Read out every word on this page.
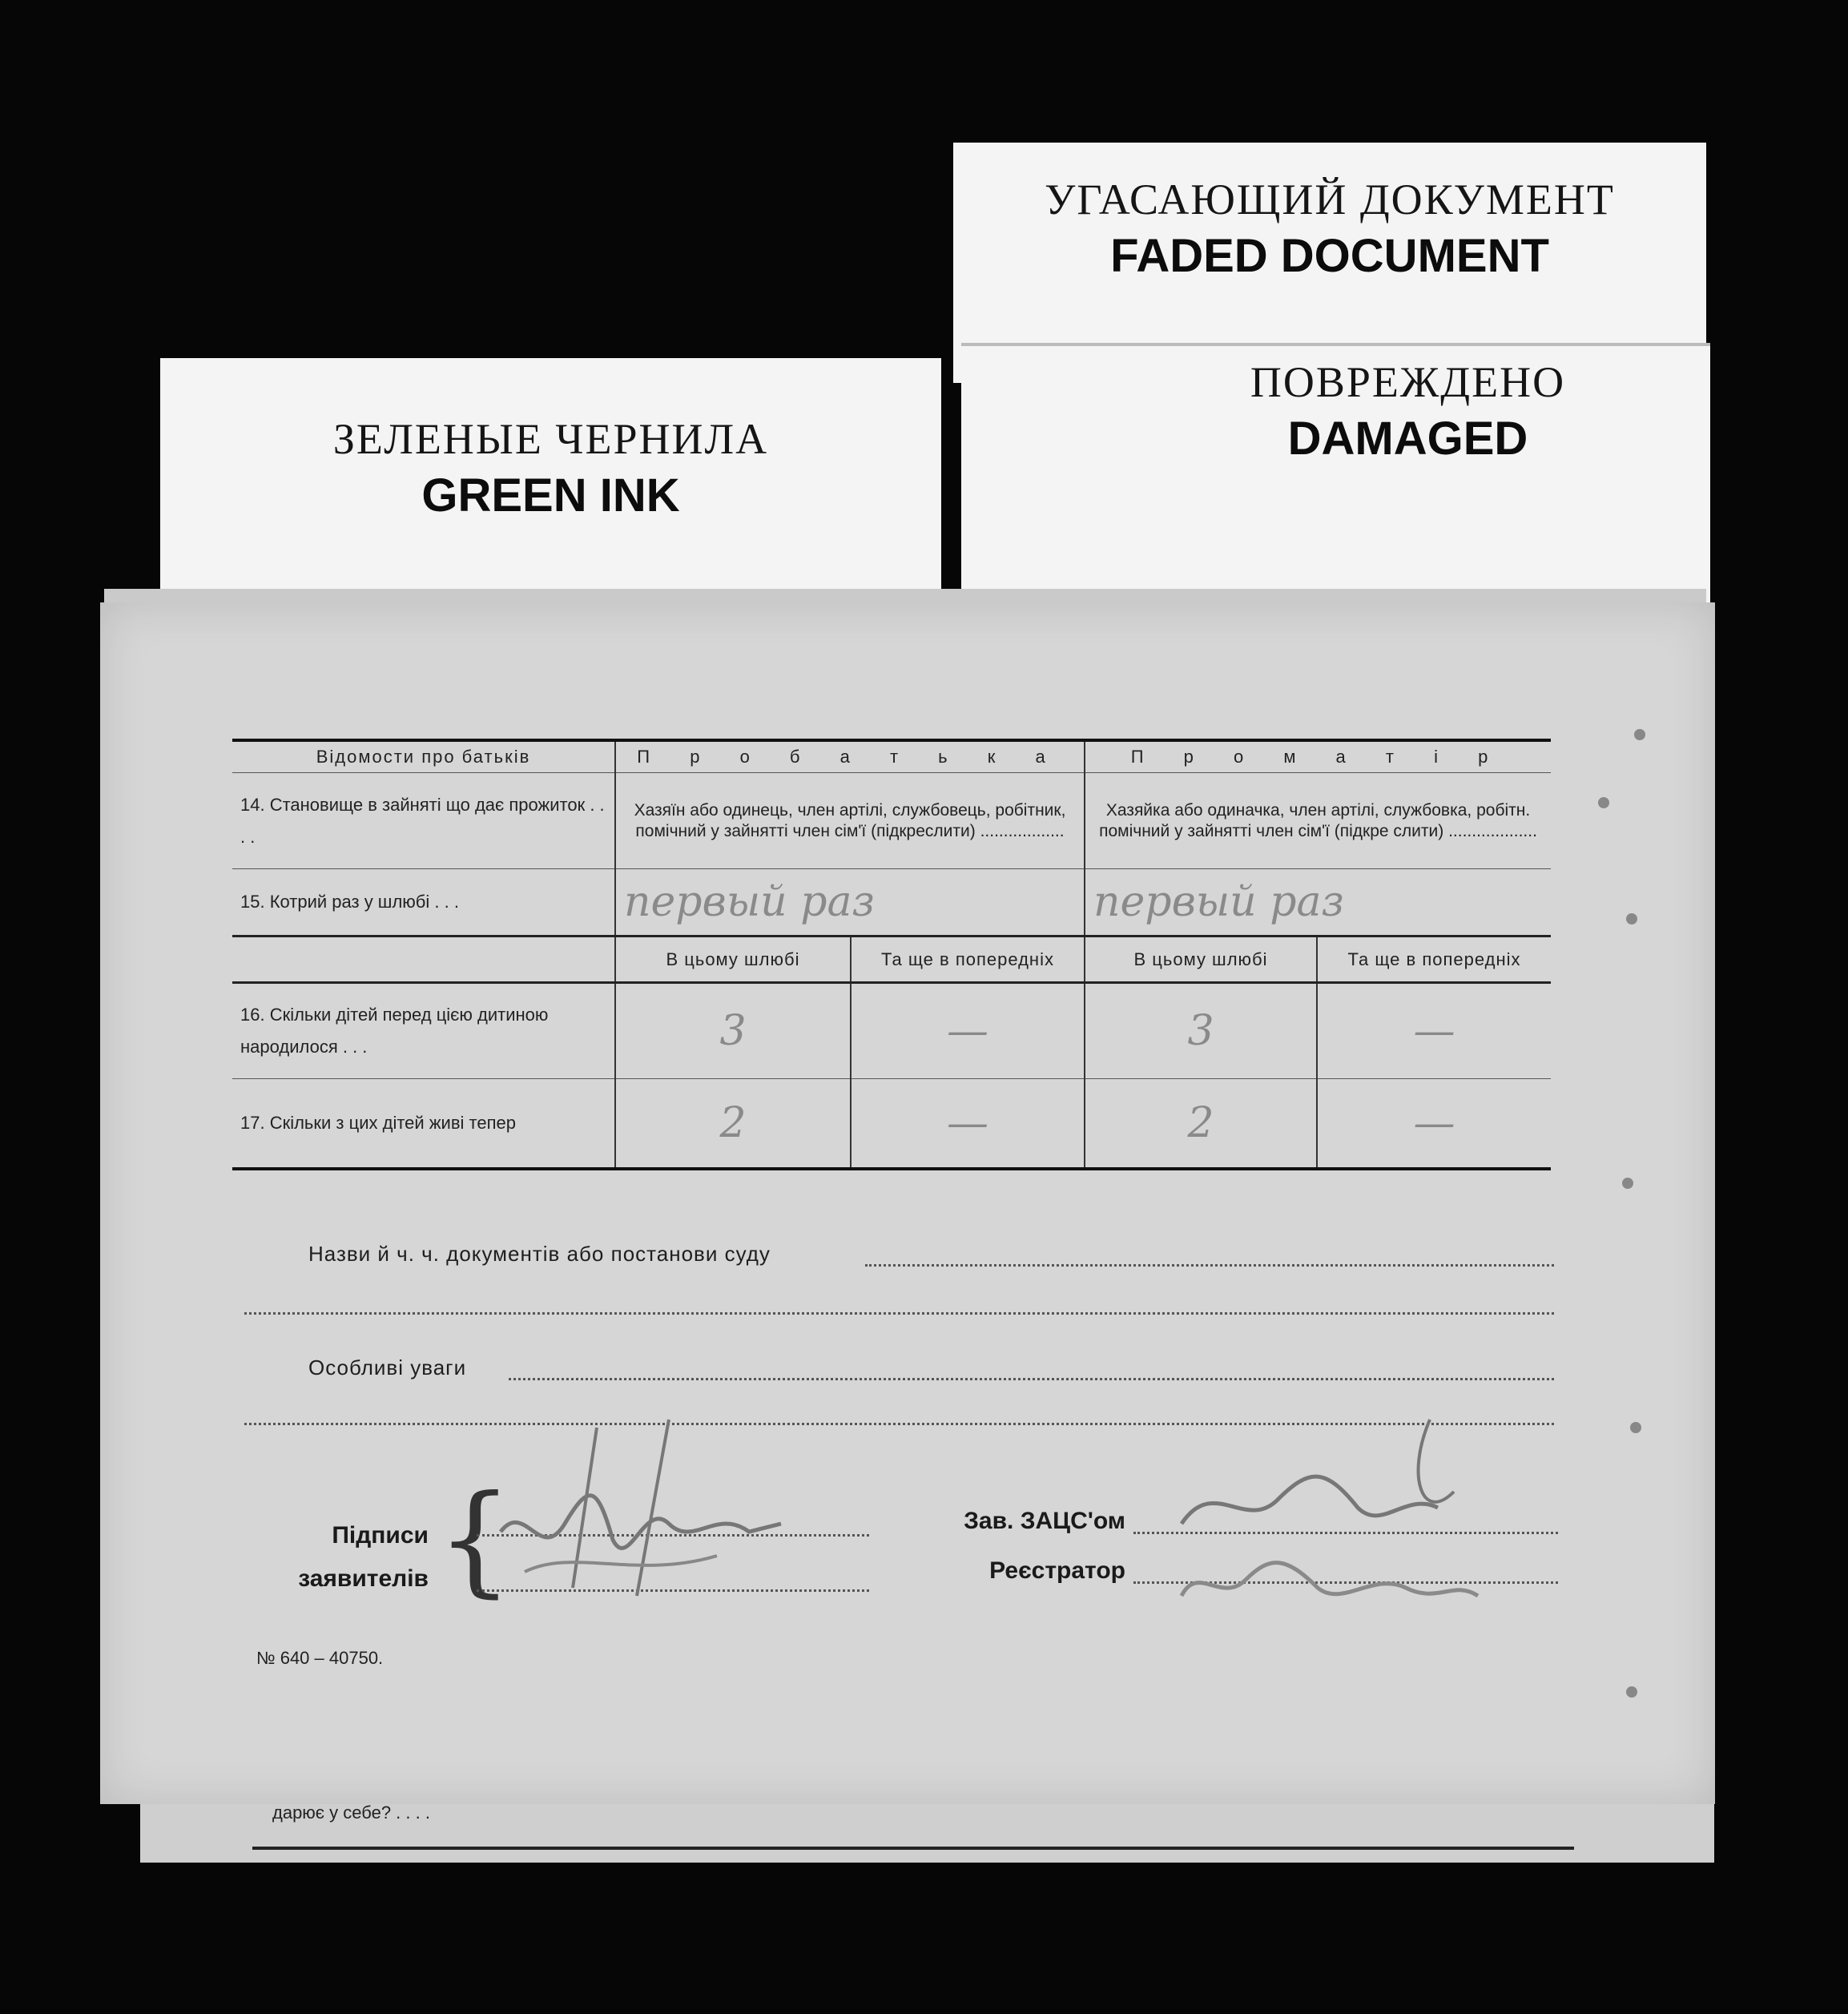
УГАСАЮЩИЙ ДОКУМЕНТ
FADED DOCUMENT
ПОВРЕЖДЕНО
DAMAGED
ЗЕЛЕНЫЕ ЧЕРНИЛА
GREEN INK
Відомости про батьків	П р о б а т ь к а		П р о м а т і р	
14. Становище в зайняті що дає прожиток . . . .	Хазяїн або одинець, член артілі, службовець, робітник, помічний у зайнятті член сім'ї (підкреслити) ..................		Хазяйка або одиначка, член артілі, службовка, робітн. помічний у зайнятті член сім'ї (підкре слити) ...................	
15. Котрий раз у шлюбі . . .	первый раз		первый раз	
	В цьому шлюбі	Та ще в попередніх	В цьому шлюбі	Та ще в попередніх
16. Скільки дітей перед цією дитиною народилося . . .	3	—	3	—
17. Скільки з цих дітей живі тепер	2	—	2	—
Назви й ч. ч. документів або постанови суду
Особливі уваги
Підписи
заявителів {	Зав. ЗАЦС'ом
Реєстратор
№ 640 – 40750.
дарює у себе? . . . .
